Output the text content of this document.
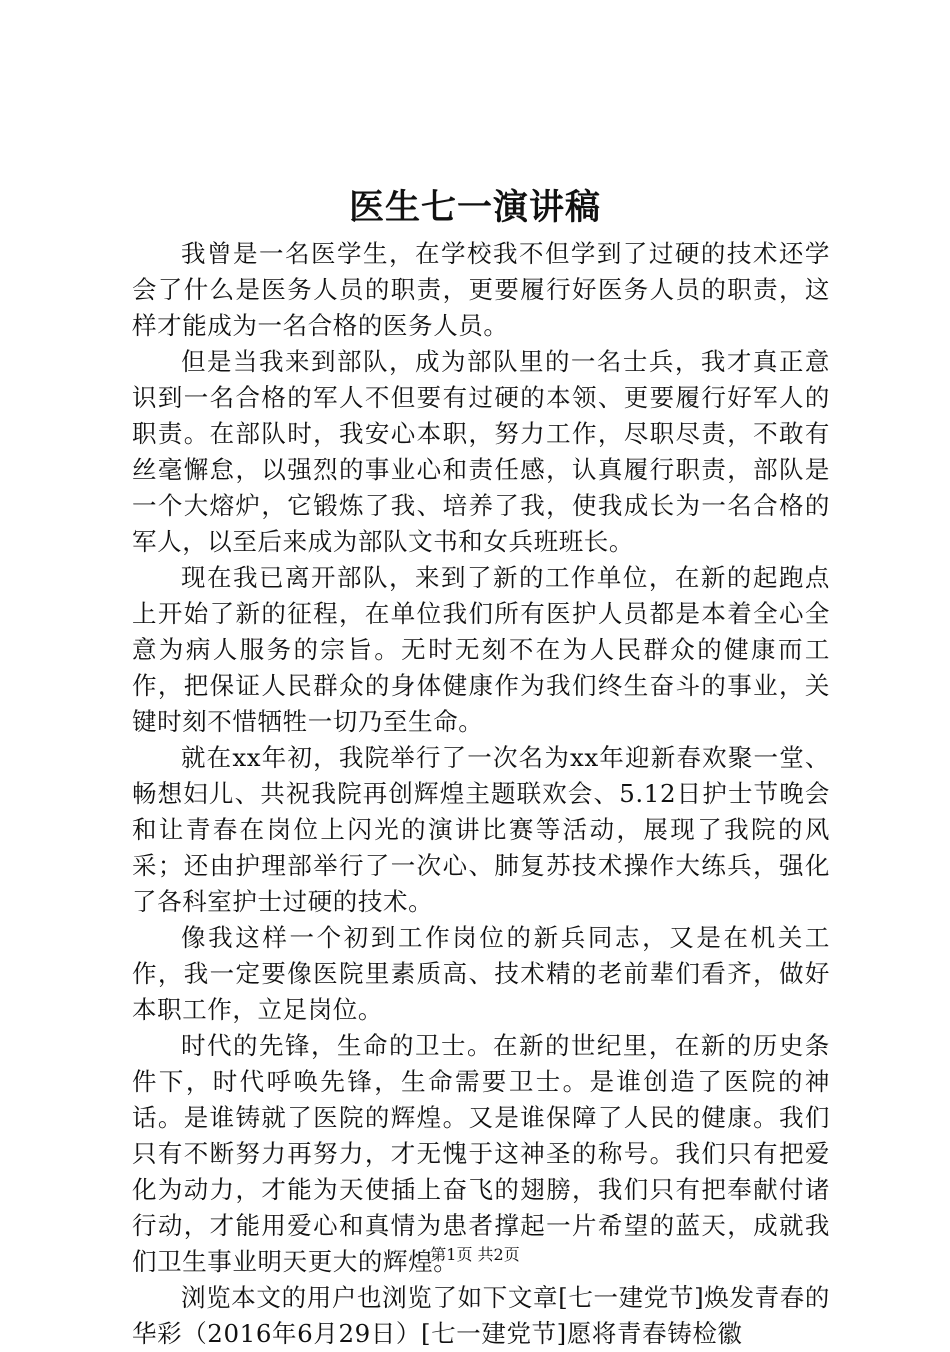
医生七一演讲稿

我曾是一名医学生，在学校我不但学到了过硬的技术还学会了什么是医务人员的职责，更要履行好医务人员的职责，这样才能成为一名合格的医务人员。

但是当我来到部队，成为部队里的一名士兵，我才真正意识到一名合格的军人不但要有过硬的本领、更要履行好军人的职责。在部队时，我安心本职，努力工作，尽职尽责，不敢有丝毫懈怠，以强烈的事业心和责任感，认真履行职责，部队是一个大熔炉，它锻炼了我、培养了我，使我成长为一名合格的军人，以至后来成为部队文书和女兵班班长。

现在我已离开部队，来到了新的工作单位，在新的起跑点上开始了新的征程，在单位我们所有医护人员都是本着全心全意为病人服务的宗旨。无时无刻不在为人民群众的健康而工作，把保证人民群众的身体健康作为我们终生奋斗的事业，关键时刻不惜牺牲一切乃至生命。

就在xx年初，我院举行了一次名为xx年迎新春欢聚一堂、畅想妇儿、共祝我院再创辉煌主题联欢会、5.12日护士节晚会和让青春在岗位上闪光的演讲比赛等活动，展现了我院的风采；还由护理部举行了一次心、肺复苏技术操作大练兵，强化了各科室护士过硬的技术。

像我这样一个初到工作岗位的新兵同志，又是在机关工作，我一定要像医院里素质高、技术精的老前辈们看齐，做好本职工作，立足岗位。

时代的先锋，生命的卫士。在新的世纪里，在新的历史条件下，时代呼唤先锋，生命需要卫士。是谁创造了医院的神话。是谁铸就了医院的辉煌。又是谁保障了人民的健康。我们只有不断努力再努力，才无愧于这神圣的称号。我们只有把爱化为动力，才能为天使插上奋飞的翅膀，我们只有把奉献付诸行动，才能用爱心和真情为患者撑起一片希望的蓝天，成就我们卫生事业明天更大的辉煌。

浏览本文的用户也浏览了如下文章[七一建党节]焕发青春的华彩（2016年6月29日）[七一建党节]愿将青春铸检徽

第1页 共2页
